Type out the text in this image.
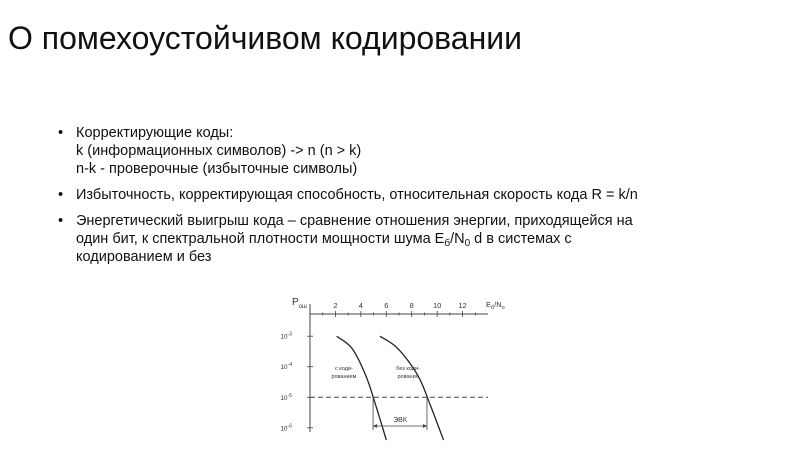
О помехоустойчивом кодировании
• Корректирующие коды:
k (информационных символов) -> n (n > k)
n-k - проверочные (избыточные символы)
• Избыточность, корректирующая способность, относительная скорость кода R = k/n
• Энергетический выигрыш кода – сравнение отношения энергии, приходящейся на
один бит, к спектральной плотности мощности шума $E_б/N_0$ d в системах с
кодированием и без
$P_{ош}$	$E_б/N_о$
2	4	6	8	10 12
$10^{-3}$
$10^{-4}$
$10^{-5}$
$10^{-6}$
с коди-
рованием
без коди-
рования
ЭВК
